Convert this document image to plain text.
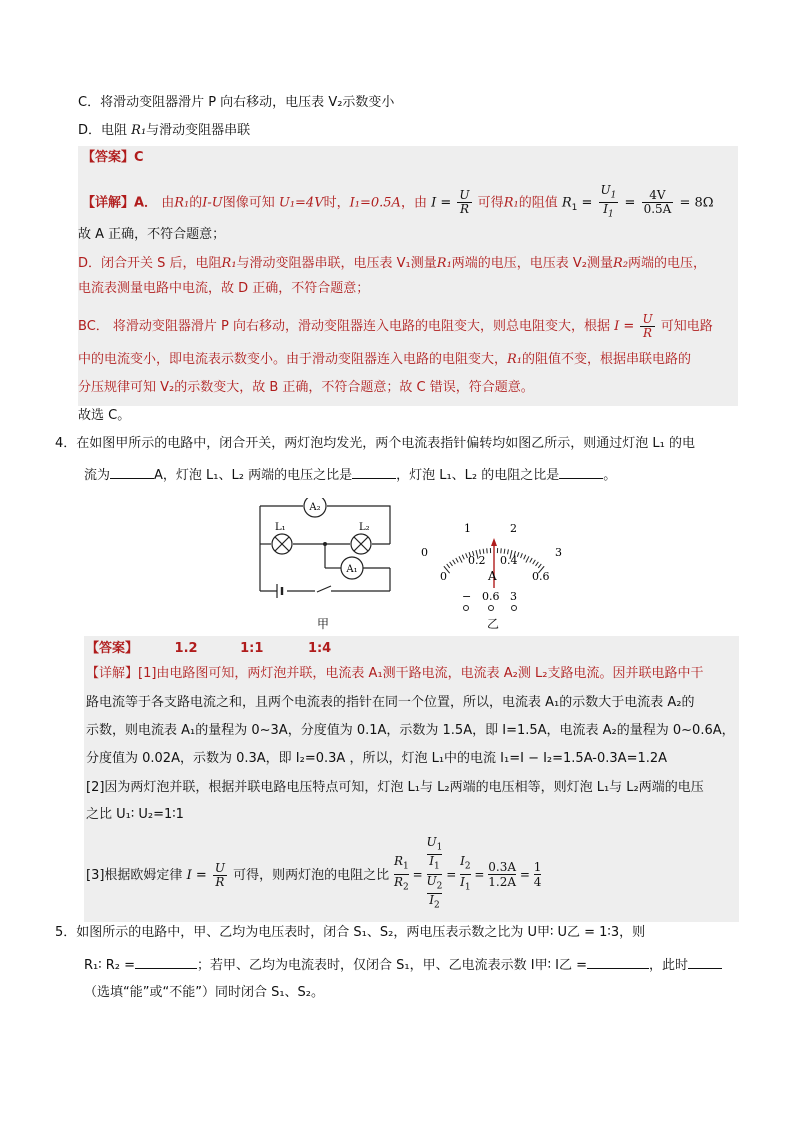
C．将滑动变阻器滑片 P 向右移动，电压表 V₂示数变小
D．电阻 R₁与滑动变阻器串联
【答案】C
【详解】A． 由R₁的I-U图像可知 U₁=4V时，I₁=0.5A，由 $I = \frac{U}{R}$ 可得R₁的阻值 $R_1 = \frac{U_1}{I_1} = \frac{4V}{0.5A} = 8\Omega$
故 A 正确，不符合题意；
D．闭合开关 S 后，电阻R₁与滑动变阻器串联，电压表 V₁测量R₁两端的电压，电压表 V₂测量R₂两端的电压，
电流表测量电路中电流，故 D 正确，不符合题意；
BC． 将滑动变阻器滑片 P 向右移动，滑动变阻器连入电路的电阻变大，则总电阻变大，根据 $I = \frac{U}{R}$ 可知电路
中的电流变小，即电流表示数变小。由于滑动变阻器连入电路的电阻变大，R₁的阻值不变，根据串联电路的
分压规律可知 V₂的示数变大，故 B 正确，不符合题意；故 C 错误，符合题意。
故选 C。
4．在如图甲所示的电路中，闭合开关，两灯泡均发光，两个电流表指针偏转均如图乙所示，则通过灯泡 L₁ 的电
流为	A，灯泡 L₁、L₂ 两端的电压之比是	，灯泡 L₁、L₂ 的电阻之比是	。
A₂
L₁	L₂
A₁
甲
0
1	2
3
0
0.2 0.4
0.6
A
− 0.6 3
乙
【答案】	1.2	1:1	1:4
【详解】[1]由电路图可知，两灯泡并联，电流表 A₁测干路电流，电流表 A₂测 L₂支路电流。因并联电路中干
路电流等于各支路电流之和，且两个电流表的指针在同一个位置，所以，电流表 A₁的示数大于电流表 A₂的
示数，则电流表 A₁的量程为 0~3A，分度值为 0.1A，示数为 1.5A，即 I=1.5A，电流表 A₂的量程为 0~0.6A，
分度值为 0.02A，示数为 0.3A，即 I₂=0.3A ，所以，灯泡 L₁中的电流 I₁=I − I₂=1.5A-0.3A=1.2A
[2]因为两灯泡并联，根据并联电路电压特点可知，灯泡 L₁与 L₂两端的电压相等，则灯泡 L₁与 L₂两端的电压
之比 U₁∶ U₂=1∶1
[3]根据欧姆定律 $I = \frac{U}{R}$ 可得，则两灯泡的电阻之比 $\frac{R_1}{R_2} = \frac{\frac{U_1}{I_1}}{\frac{U_2}{I_2}} = \frac{I_2}{I_1} = \frac{0.3A}{1.2A} = \frac{1}{4}$
5．如图所示的电路中，甲、乙均为电压表时，闭合 S₁、S₂，两电压表示数之比为 U甲∶ U乙 = 1∶3，则
R₁∶ R₂ =	；若甲、乙均为电流表时，仅闭合 S₁，甲、乙电流表示数 I甲∶ I乙 =	，此时
（选填“能”或“不能”）同时闭合 S₁、S₂。
